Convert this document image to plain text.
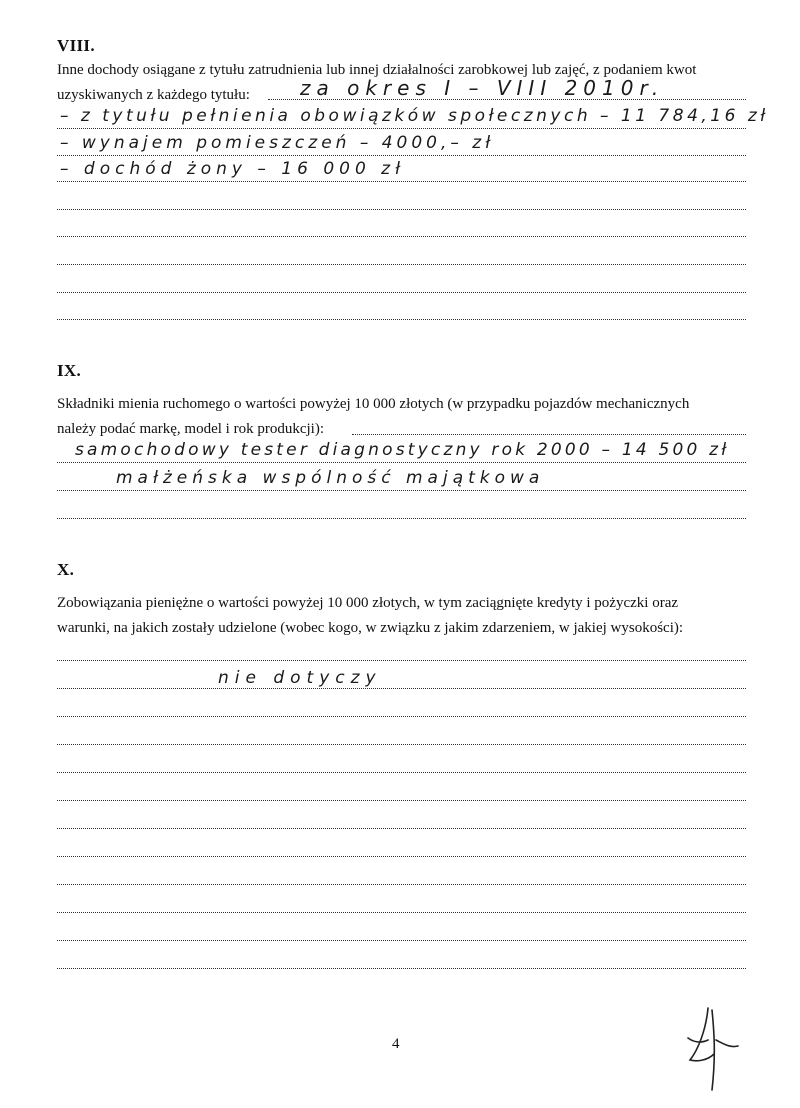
VIII.
Inne dochody osiągane z tytułu zatrudnienia lub innej działalności zarobkowej lub zajęć, z podaniem kwot
uzyskiwanych z każdego tytułu:	za okres I – VIII 2010r.
– z tytułu pełnienia obowiązków społecznych – 11 784,16 zł
– wynajem pomieszczeń – 4000,– zł
– dochód żony – 16 000 zł
IX.
Składniki mienia ruchomego o wartości powyżej 10 000 złotych (w przypadku pojazdów mechanicznych
należy podać markę, model i rok produkcji):
samochodowy tester diagnostyczny rok 2000 – 14 500 zł
małżeńska wspólność majątkowa
X.
Zobowiązania pieniężne o wartości powyżej 10 000 złotych, w tym zaciągnięte kredyty i pożyczki oraz
warunki, na jakich zostały udzielone (wobec kogo, w związku z jakim zdarzeniem, w jakiej wysokości):
nie dotyczy
4
